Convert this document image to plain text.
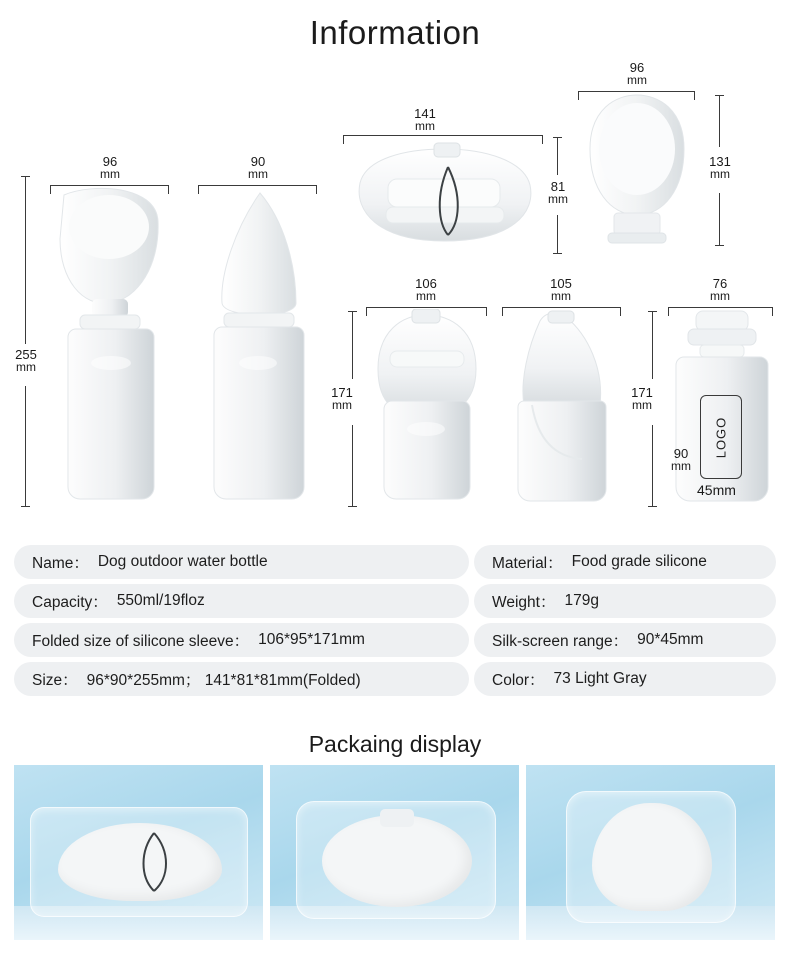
Information
96
mm
255
mm
90
mm
141
mm
81
mm
96
mm
131
mm
106
mm
171
mm
105
mm
76
mm
171
mm
LOGO
90
mm
45mm
Name： Dog outdoor water bottle	Material： Food grade silicone
Capacity： 550ml/19floz	Weight： 179g
Folded size of silicone sleeve： 106*95*171mm	Silk-screen range： 90*45mm
Size： 96*90*255mm； 141*81*81mm(Folded)	Color： 73 Light Gray
Packaing display
